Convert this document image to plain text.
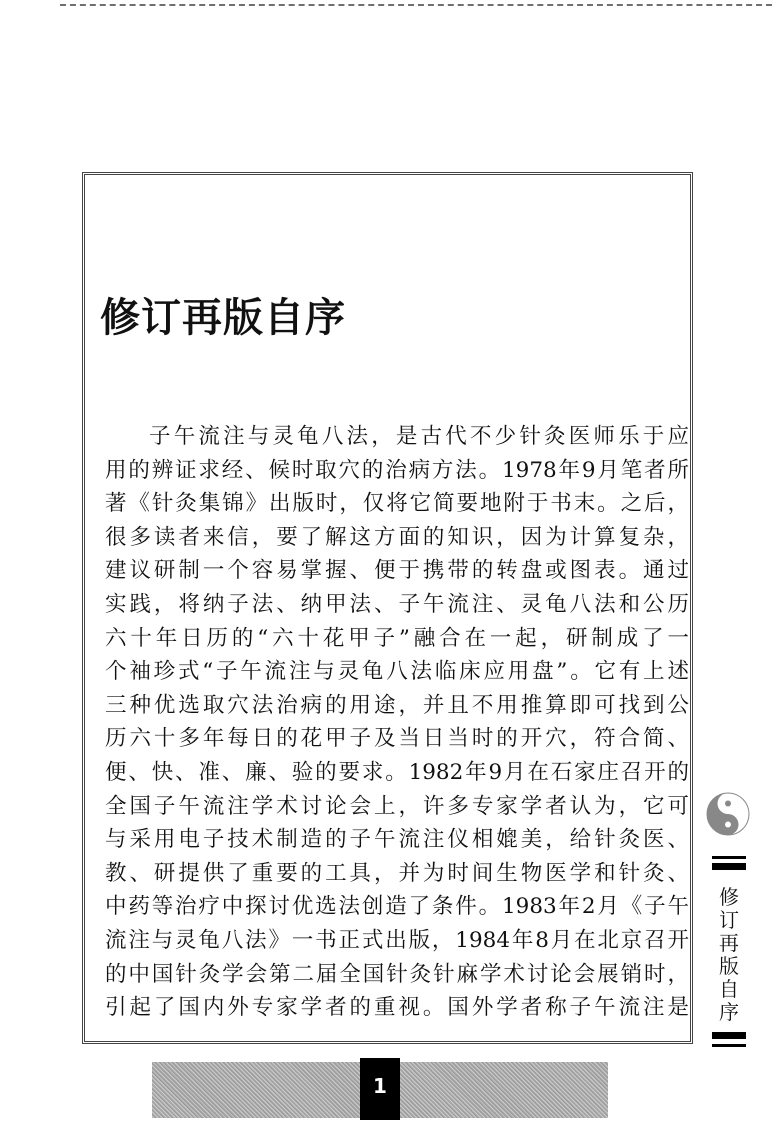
修订再版自序
子午流注与灵龟八法，是古代不少针灸医师乐于应
用的辨证求经、候时取穴的治病方法。1978年9月笔者所
著《针灸集锦》出版时，仅将它简要地附于书末。之后，
很多读者来信，要了解这方面的知识，因为计算复杂，
建议研制一个容易掌握、便于携带的转盘或图表。通过
实践，将纳子法、纳甲法、子午流注、灵龟八法和公历
六十年日历的“六十花甲子”融合在一起，研制成了一
个袖珍式“子午流注与灵龟八法临床应用盘”。它有上述
三种优选取穴法治病的用途，并且不用推算即可找到公
历六十多年每日的花甲子及当日当时的开穴，符合简、
便、快、准、廉、验的要求。1982年9月在石家庄召开的
全国子午流注学术讨论会上，许多专家学者认为，它可
与采用电子技术制造的子午流注仪相媲美，给针灸医、
教、研提供了重要的工具，并为时间生物医学和针灸、
中药等治疗中探讨优选法创造了条件。1983年2月《子午
流注与灵龟八法》一书正式出版，1984年8月在北京召开
的中国针灸学会第二届全国针灸针麻学术讨论会展销时，
引起了国内外专家学者的重视。国外学者称子午流注是
修
订
再
版
自
序
1
